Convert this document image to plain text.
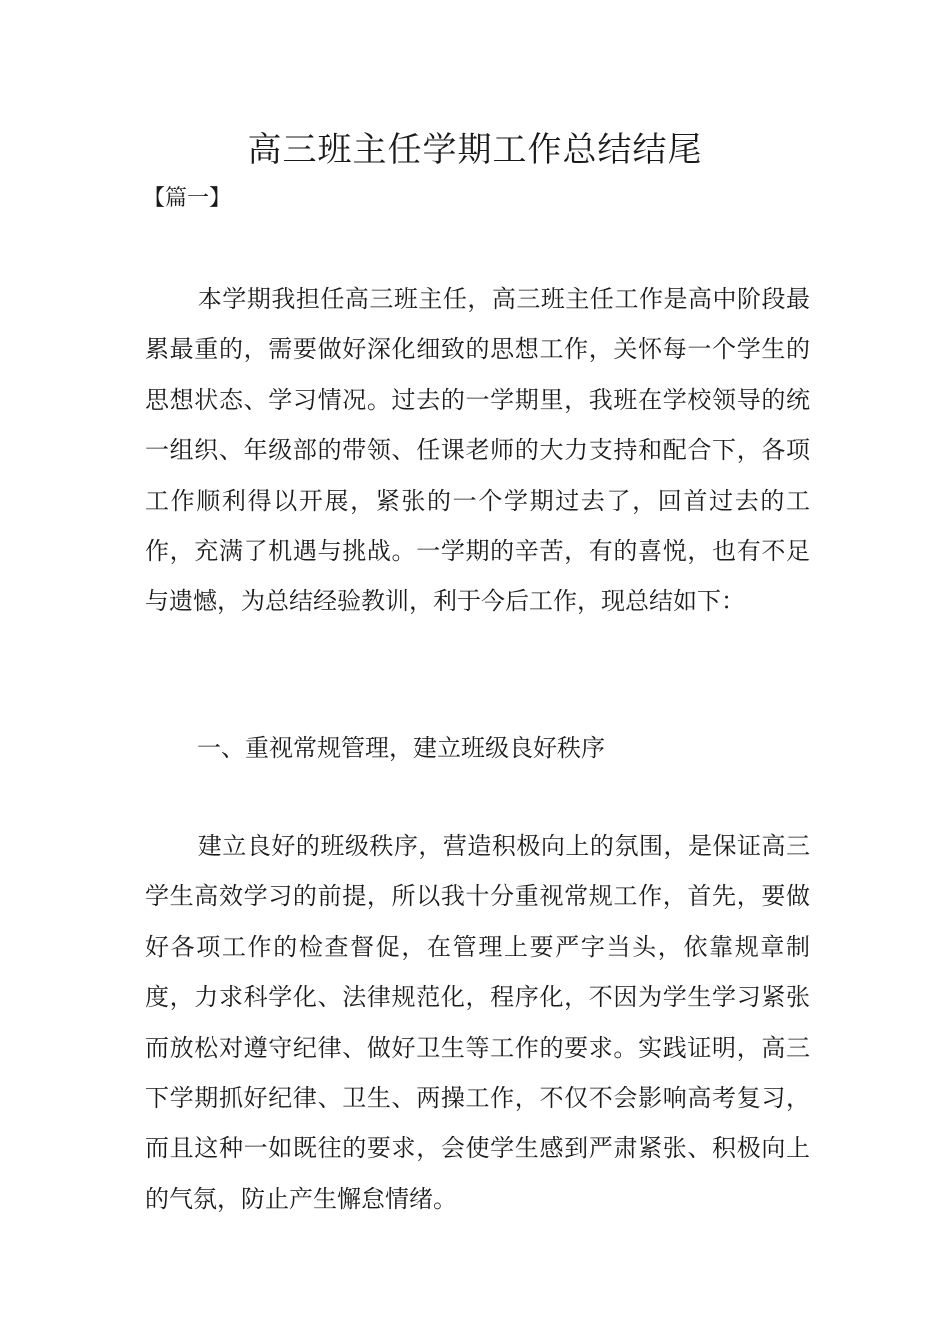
高三班主任学期工作总结结尾

【篇一】

本学期我担任高三班主任，高三班主任工作是高中阶段最累最重的，需要做好深化细致的思想工作，关怀每一个学生的思想状态、学习情况。过去的一学期里，我班在学校领导的统一组织、年级部的带领、任课老师的大力支持和配合下，各项工作顺利得以开展，紧张的一个学期过去了，回首过去的工作，充满了机遇与挑战。一学期的辛苦，有的喜悦，也有不足与遗憾，为总结经验教训，利于今后工作，现总结如下：

一、重视常规管理，建立班级良好秩序

建立良好的班级秩序，营造积极向上的氛围，是保证高三学生高效学习的前提，所以我十分重视常规工作，首先，要做好各项工作的检查督促，在管理上要严字当头，依靠规章制度，力求科学化、法律规范化，程序化，不因为学生学习紧张而放松对遵守纪律、做好卫生等工作的要求。实践证明，高三下学期抓好纪律、卫生、两操工作，不仅不会影响高考复习，而且这种一如既往的要求，会使学生感到严肃紧张、积极向上的气氛，防止产生懈怠情绪。
